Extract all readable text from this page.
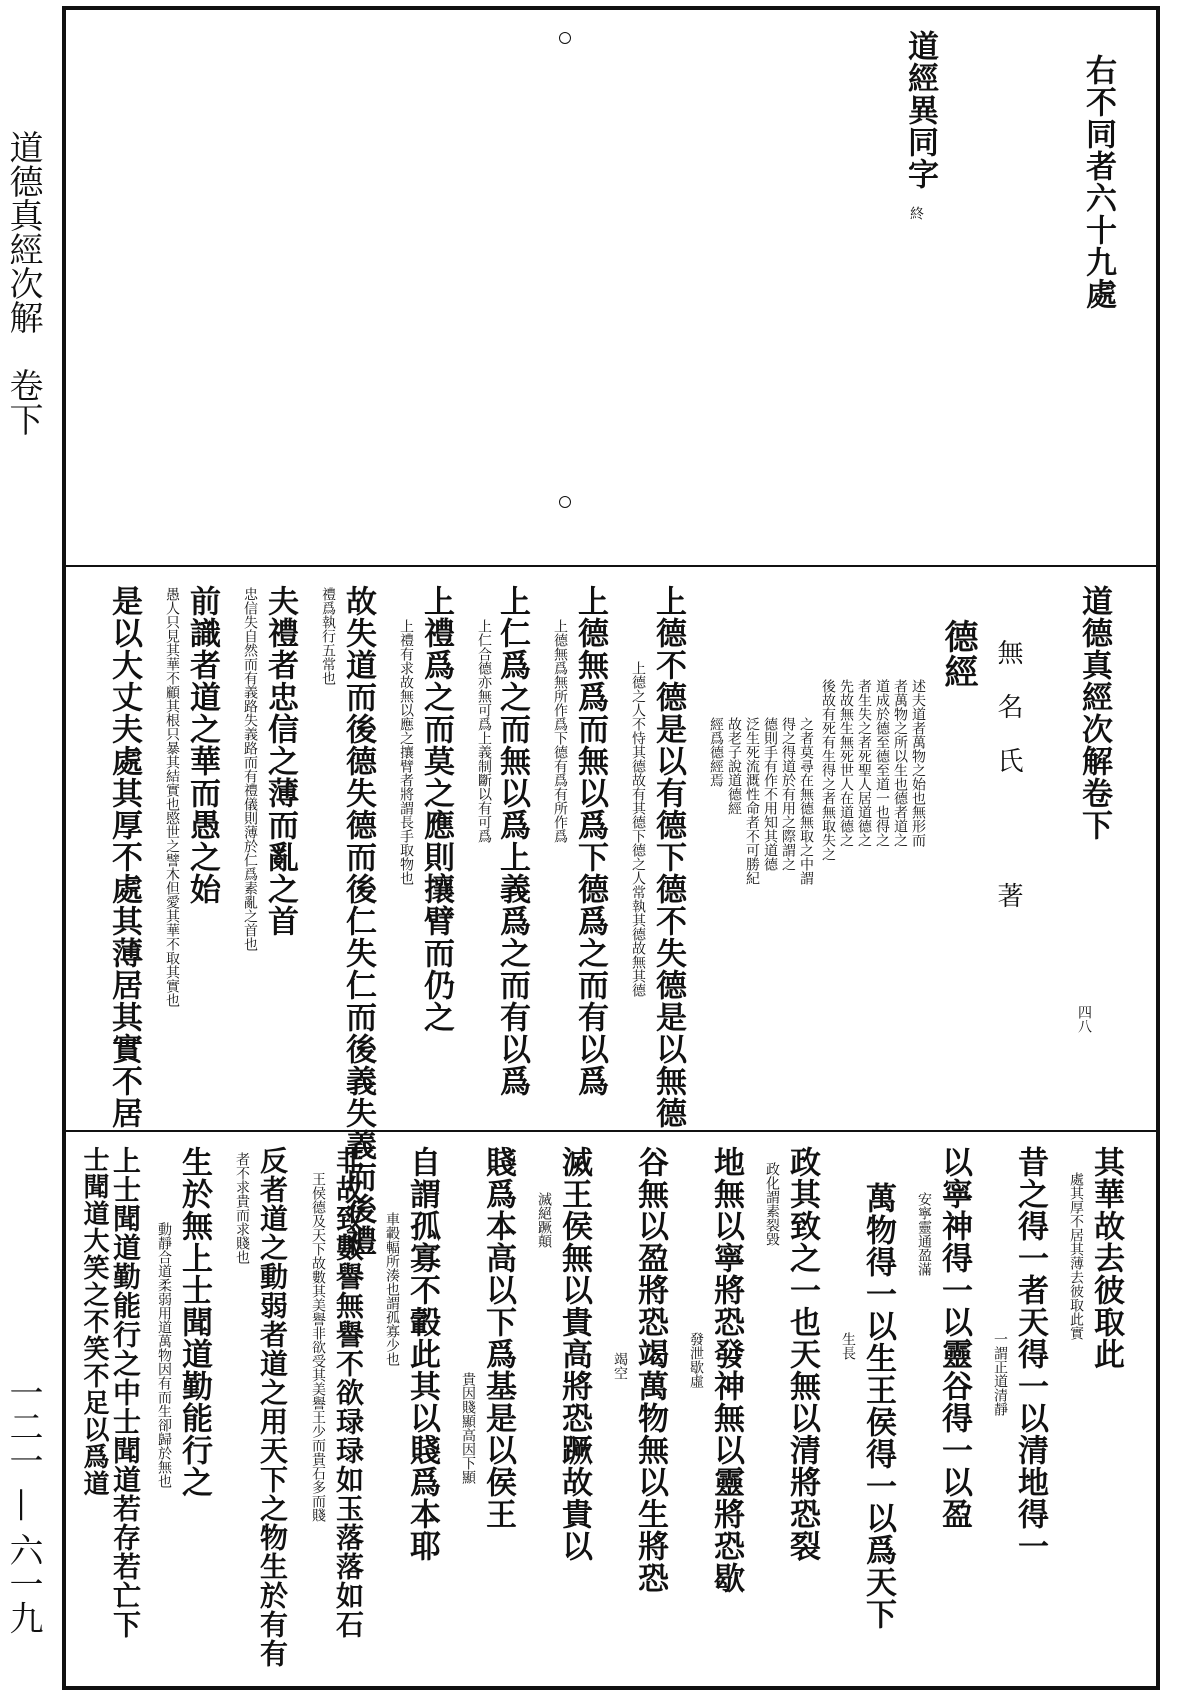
道德真經次解　卷下
一二一 — 六一九
右不同者六十九處
道經異同字
終
道德真經次解卷下
四八
無　名　氏　　　　著
德經
述夫道者萬物之始也無形而
者萬物之所以生也德者道之
道成於德至德至道一也得之
者生失之者死聖人居道德之
先故無生無死世人在道德之
後故有死有生得之者無取失之
之者莫尋在無德無取之中謂
得之得道於有用之際謂之
德則手有作不用知其道德
泛生死流溉性命者不可勝紀
故老子說道德經
經爲德經焉
上德不德是以有德下德不失德是以無德
上德之人不恃其德故有其德下德之人常執其德故無其德
上德無爲而無以爲下德爲之而有以爲
上德無爲無所作爲下德有爲有所作爲
上仁爲之而無以爲上義爲之而有以爲
上仁合德亦無可爲上義制斷以有可爲
上禮爲之而莫之應則攘臂而仍之
上禮有求故無以應之攘臂者將謂長手取物也
故失道而後德失德而後仁失仁而後義失義而後禮
禮爲執行五常也
夫禮者忠信之薄而亂之首
忠信失自然而有義路失義路而有禮儀則薄於仁爲素亂之首也
前識者道之華而愚之始
愚人只見其華不顧其根只暴其結實也愍世之譬木但愛其華不取其實也
是以大丈夫處其厚不處其薄居其實不居
其華故去彼取此
處其厚不居其薄去彼取此實
昔之得一者天得一以清地得一
一謂正道清靜
以寧神得一以靈谷得一以盈
安寧靈通盈滿
萬物得一以生王侯得一以爲天下
生長
政其致之一也天無以清將恐裂
政化謂素裂毀
地無以寧將恐發神無以靈將恐歇
發泄歇虛
谷無以盈將恐竭萬物無以生將恐
竭空
滅王侯無以貴高將恐蹶故貴以
滅絕蹶顛
賤爲本高以下爲基是以侯王
貴因賤顯高因下顯
自謂孤寡不轂此其以賤爲本耶
車轂輻所湊也謂孤寡少也
非故致數譽無譽不欲琭琭如玉落落如石
王侯德及天下故數其美譽非欲受其美譽王少而貴石多而賤
反者道之動弱者道之用天下之物生於有有
者不求貴而求賤也
生於無上士聞道勤能行之
動靜合道柔弱用道萬物因有而生卻歸於無也
上士聞道勤能行之中士聞道若存若亡下
士聞道大笑之不笑不足以爲道
